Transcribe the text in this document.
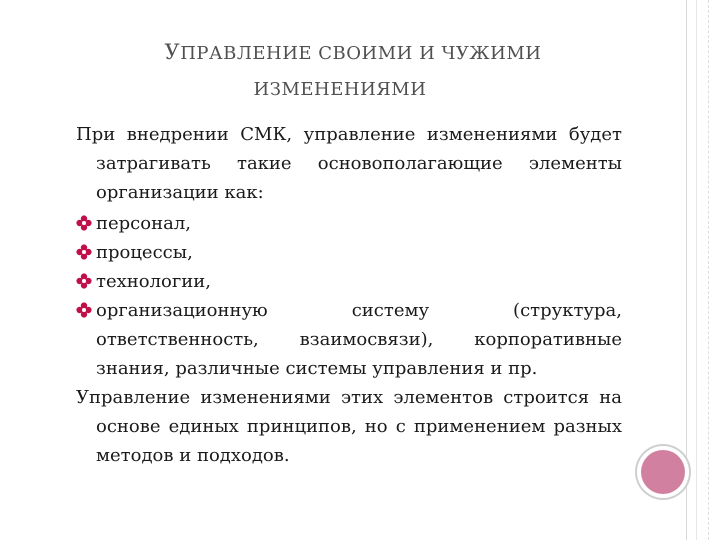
УПРАВЛЕНИЕ СВОИМИ И ЧУЖИМИ
ИЗМЕНЕНИЯМИ

При внедрении СМК, управление изменениями будет затрагивать такие основополагающие элементы организации как:

персонал,
процессы,
технологии,
организационную систему (структура, ответственность, взаимосвязи), корпоративные знания, различные системы управления и пр.

Управление изменениями этих элементов строится на основе единых принципов, но с применением разных методов и подходов.
